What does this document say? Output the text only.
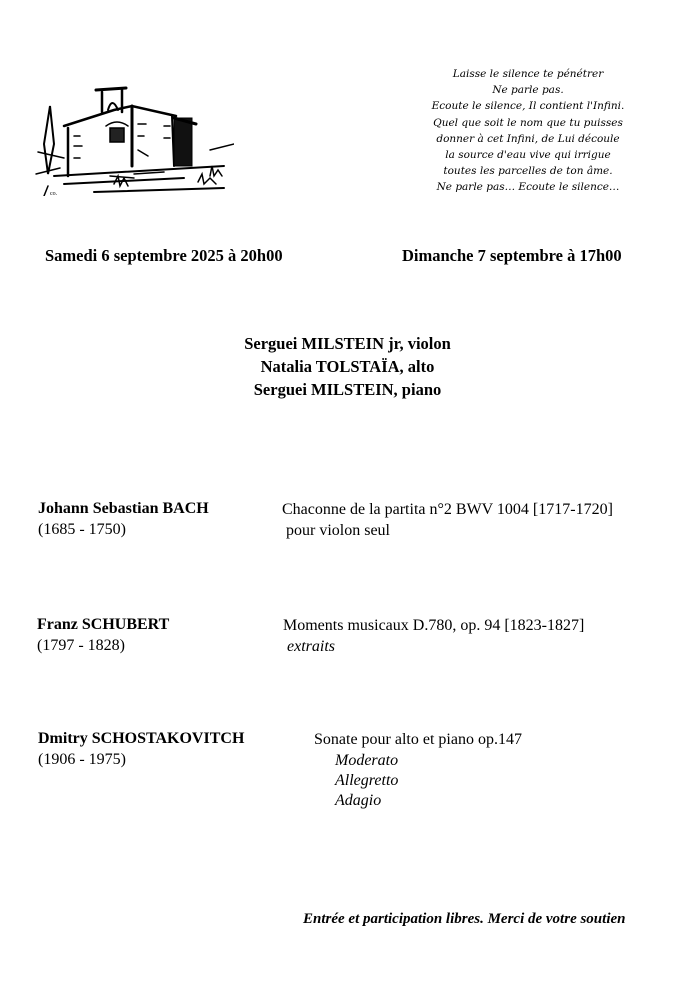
co.
Laisse le silence te pénétrer
Ne parle pas.
Ecoute le silence, Il contient l'Infini.
Quel que soit le nom que tu puisses
donner à cet Infini, de Lui découle
la source d'eau vive qui irrigue
toutes les parcelles de ton âme.
Ne parle pas… Ecoute le silence…
Samedi 6 septembre 2025 à 20h00	Dimanche 7 septembre à 17h00
Serguei MILSTEIN jr, violon
Natalia TOLSTAÏA, alto
Serguei MILSTEIN, piano
Johann Sebastian BACH
(1685 - 1750)
Chaconne de la partita n°2 BWV 1004 [1717-1720]
pour violon seul
Franz SCHUBERT
(1797 - 1828)
Moments musicaux D.780, op. 94 [1823-1827]
extraits
Dmitry SCHOSTAKOVITCH
(1906 - 1975)
Sonate pour alto et piano op.147
Moderato
Allegretto
Adagio
Entrée et participation libres. Merci de votre soutien
